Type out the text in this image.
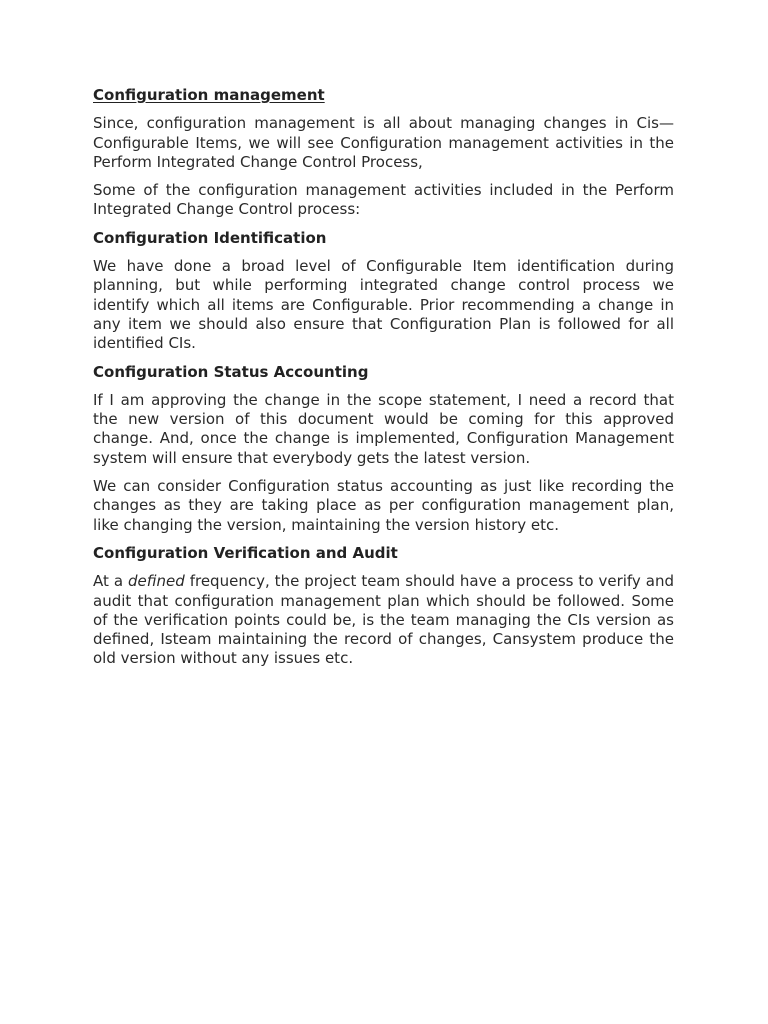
Configuration management

Since, configuration management is all about managing changes in Cis—Configurable Items, we will see Configuration management activities in the Perform Integrated Change Control Process,

Some of the configuration management activities included in the Perform Integrated Change Control process:

Configuration Identification

We have done a broad level of Configurable Item identification during planning, but while performing integrated change control process we identify which all items are Configurable. Prior recommending a change in any item we should also ensure that Configuration Plan is followed for all identified CIs.

Configuration Status Accounting

If I am approving the change in the scope statement, I need a record that the new version of this document would be coming for this approved change. And, once the change is implemented, Configuration Management system will ensure that everybody gets the latest version.

We can consider Configuration status accounting as just like recording the changes as they are taking place as per configuration management plan, like changing the version, maintaining the version history etc.

Configuration Verification and Audit

At a defined frequency, the project team should have a process to verify and audit that configuration management plan which should be followed. Some of the verification points could be, is the team managing the CIs version as defined, Isteam maintaining the record of changes, Cansystem produce the old version without any issues etc.
